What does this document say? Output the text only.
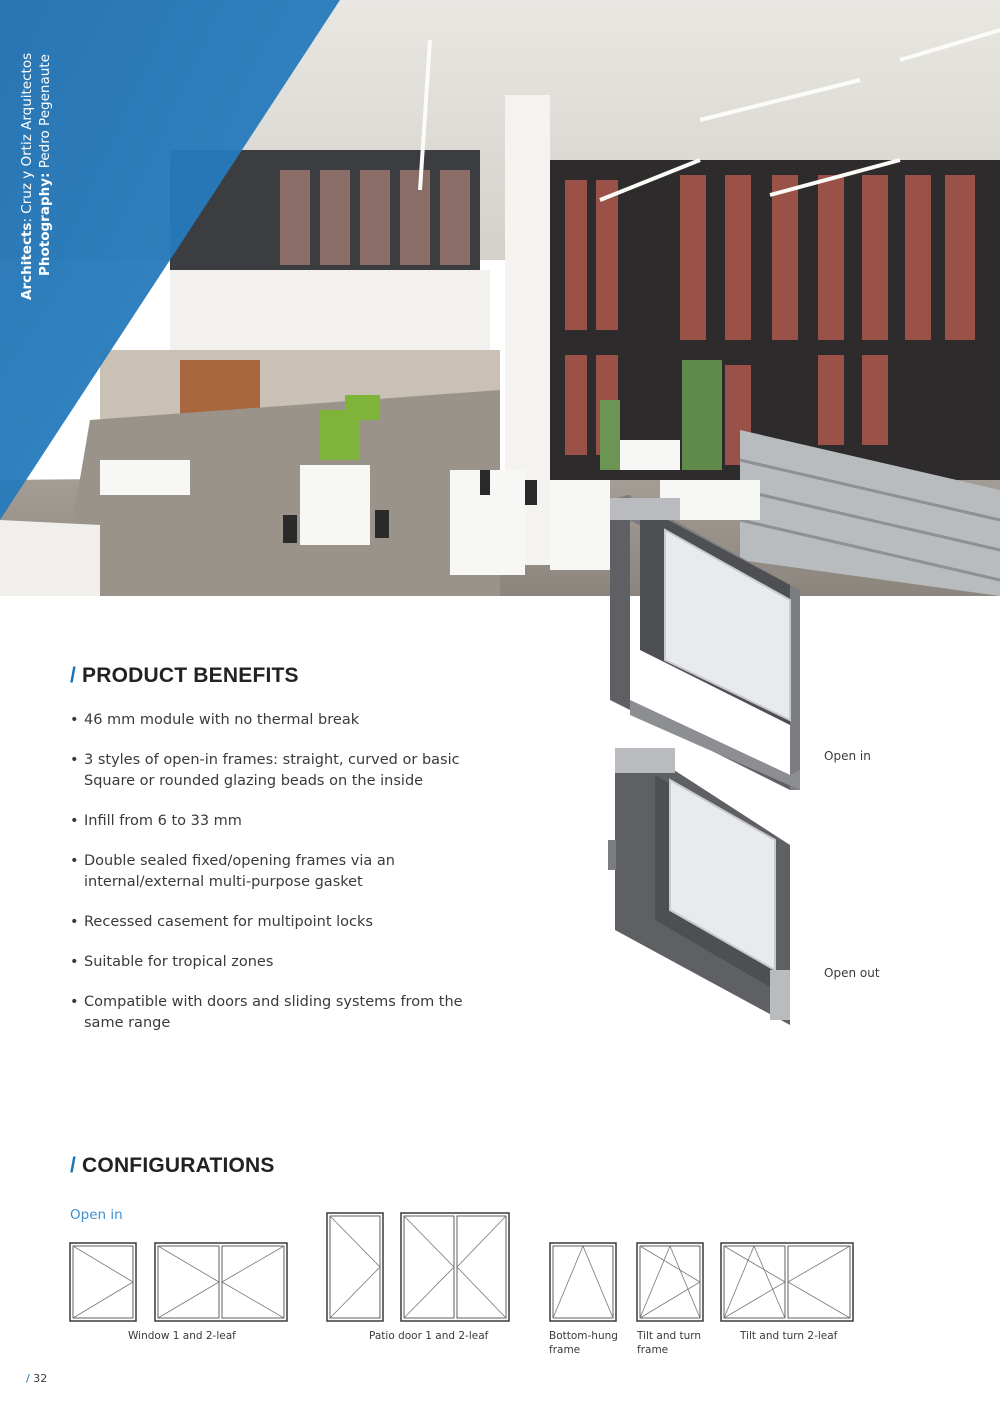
Architects: Cruz y Ortiz Arquitectos
Photography: Pedro Pegenaute
/ PRODUCT BENEFITS
• 46 mm module with no thermal break
• 3 styles of open-in frames: straight, curved or basic
Square or rounded glazing beads on the inside
• Infill from 6 to 33 mm
• Double sealed fixed/opening frames via an
internal/external multi-purpose gasket
• Recessed casement for multipoint locks
• Suitable for tropical zones
• Compatible with doors and sliding systems from the
same range
Open in
Open out
/ CONFIGURATIONS
Open in
Window 1 and 2-leaf	Patio door 1 and 2-leaf	Bottom-hung
frame
Tilt and turn
frame
Tilt and turn 2-leaf
/ 32
